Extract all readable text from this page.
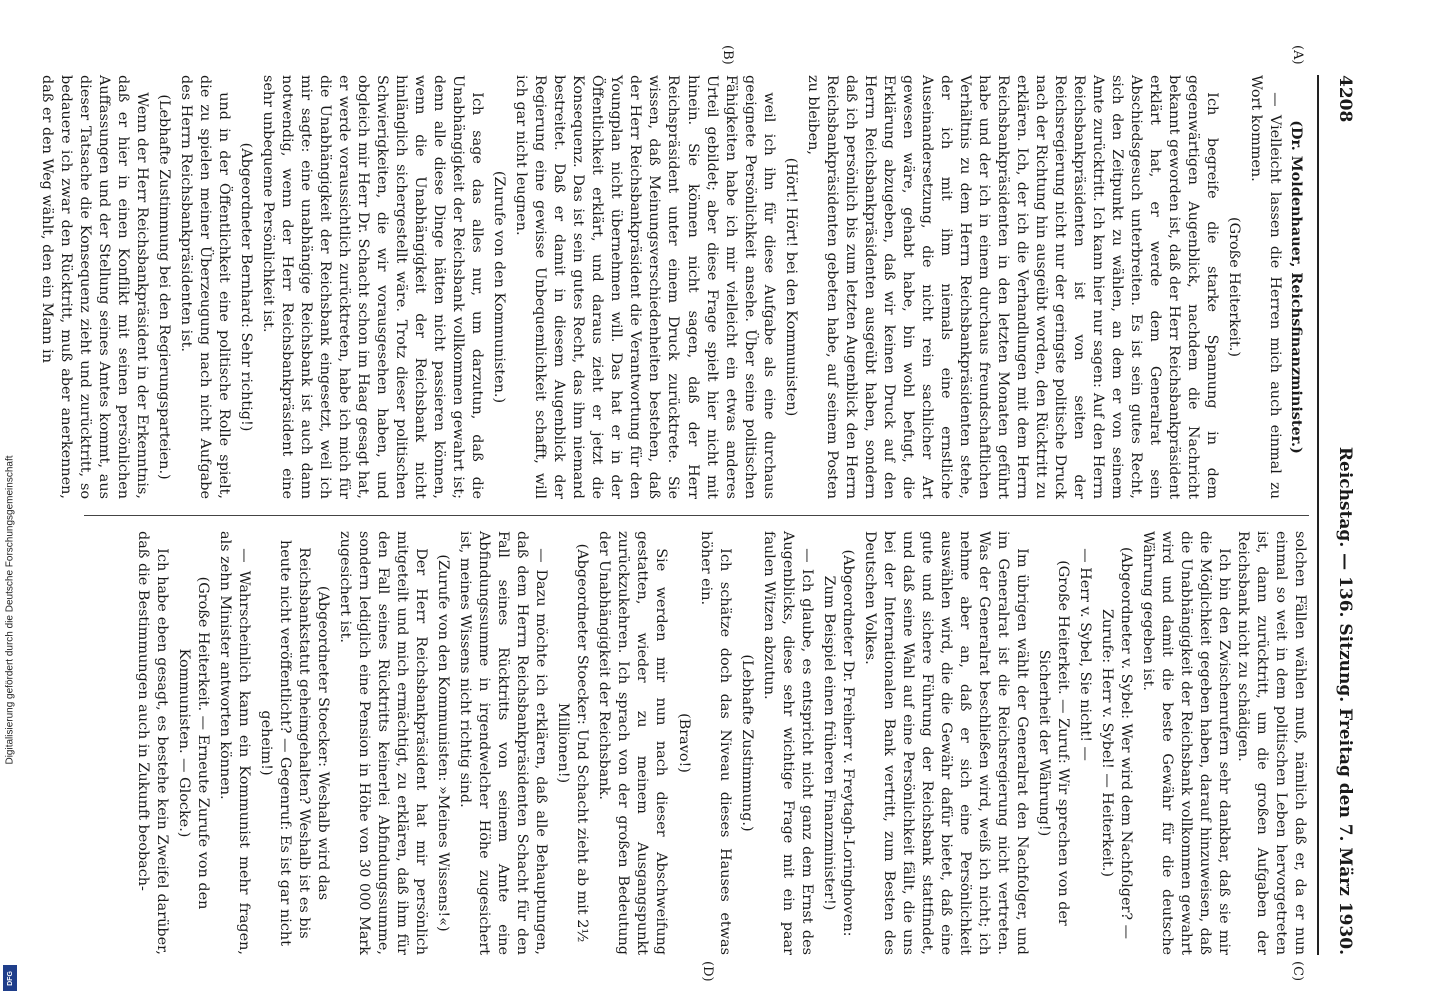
Digitalisierung gefördert durch die Deutsche Forschungsgemeinschaft
DFG
4208
Reichstag. — 136. Sitzung. Freitag den 7. März 1930.
(A)
(B)
(C)
(D)

(Dr. Moldenhauer, Reichsfinanzminister.)

— Vielleicht lassen die Herren mich auch einmal zu Wort kommen.

(Große Heiterkeit.)

Ich begreife die starke Spannung in dem gegenwärtigen Augenblick, nachdem die Nachricht bekannt geworden ist, daß der Herr Reichsbankpräsident erklärt hat, er werde dem Generalrat sein Abschiedsgesuch unterbreiten. Es ist sein gutes Recht, sich den Zeitpunkt zu wählen, an dem er von seinem Amte zurücktritt. Ich kann hier nur sagen: Auf den Herrn Reichsbankpräsidenten ist von seiten der Reichsregierung nicht nur der geringste politische Druck nach der Richtung hin ausgeübt worden, den Rücktritt zu erklären. Ich, der ich die Verhandlungen mit dem Herrn Reichsbankpräsidenten in den letzten Monaten geführt habe und der ich in einem durchaus freundschaftlichen Verhältnis zu dem Herrn Reichsbankpräsidenten stehe, der ich mit ihm niemals eine ernstliche Auseinandersetzung, die nicht rein sachlicher Art gewesen wäre, gehabt habe, bin wohl befugt, die Erklärung abzugeben, daß wir keinen Druck auf den Herrn Reichsbankpräsidenten ausgeübt haben, sondern daß ich persönlich bis zum letzten Augenblick den Herrn Reichsbankpräsidenten gebeten habe, auf seinem Posten zu bleiben,

(Hört! Hört! bei den Kommunisten)

weil ich ihn für diese Aufgabe als eine durchaus geeignete Persönlichkeit ansehe. Über seine politischen Fähigkeiten habe ich mir vielleicht ein etwas anderes Urteil gebildet; aber diese Frage spielt hier nicht mit hinein. Sie können nicht sagen, daß der Herr Reichspräsident unter einem Druck zurücktrete. Sie wissen, daß Meinungsverschiedenheiten bestehen, daß der Herr Reichsbankpräsident die Verantwortung für den Youngplan nicht übernehmen will. Das hat er in der Öffentlichkeit erklärt, und daraus zieht er jetzt die Konsequenz. Das ist sein gutes Recht, das ihm niemand bestreitet. Daß er damit in diesem Augenblick der Regierung eine gewisse Unbequemlichkeit schafft, will ich gar nicht leugnen.

(Zurufe von den Kommunisten.)

Ich sage das alles nur, um darzutun, daß die Unabhängigkeit der Reichsbank vollkommen gewahrt ist; denn alle diese Dinge hätten nicht passieren können, wenn die Unabhängigkeit der Reichsbank nicht hinlänglich sichergestellt wäre. Trotz dieser politischen Schwierigkeiten, die wir vorausgesehen haben, und obgleich mir Herr Dr. Schacht schon im Haag gesagt hat, er werde voraussichtlich zurücktreten, habe ich mich für die Unabhängigkeit der Reichsbank eingesetzt, weil ich mir sagte: eine unabhängige Reichsbank ist auch dann notwendig, wenn der Herr Reichsbankpräsident eine sehr unbequeme Persönlichkeit ist.

(Abgeordneter Bernhard: Sehr richtig!)

und in der Öffentlichkeit eine politische Rolle spielt, die zu spielen meiner Überzeugung nach nicht Aufgabe des Herrn Reichsbankpräsidenten ist.

(Lebhafte Zustimmung bei den Regierungsparteien.)

Wenn der Herr Reichsbankpräsident in der Erkenntnis, daß er hier in einen Konflikt mit seinen persönlichen Auffassungen und der Stellung seines Amtes kommt, aus dieser Tatsache die Konsequenz zieht und zurücktritt, so bedauere ich zwar den Rücktritt, muß aber anerkennen, daß er den Weg wählt, den ein Mann in

solchen Fällen wählen muß, nämlich daß er, da er nun einmal so weit in dem politischen Leben hervorgetreten ist, dann zurücktritt, um die großen Aufgaben der Reichsbank nicht zu schädigen.

Ich bin den Zwischenrufern sehr dankbar, daß sie mir die Möglichkeit gegeben haben, darauf hinzuweisen, daß die Unabhängigkeit der Reichsbank vollkommen gewahrt wird und damit die beste Gewähr für die deutsche Währung gegeben ist.

(Abgeordneter v. Sybel: Wer wird dem Nachfolger? — Zurufe: Herr v. Sybel! — Heiterkeit.)

— Herr v. Sybel, Sie nicht! —

(Große Heiterkeit. — Zuruf: Wir sprechen von der Sicherheit der Währung!)

Im übrigen wählt der Generalrat den Nachfolger, und im Generalrat ist die Reichsregierung nicht vertreten. Was der Generalrat beschließen wird, weiß ich nicht; ich nehme aber an, daß er sich eine Persönlichkeit auswählen wird, die die Gewähr dafür bietet, daß eine gute und sichere Führung der Reichsbank stattfindet, und daß seine Wahl auf eine Persönlichkeit fällt, die uns bei der Internationalen Bank vertritt, zum Besten des Deutschen Volkes.

(Abgeordneter Dr. Freiherr v. Freytagh-Loringhoven: Zum Beispiel einen früheren Finanzminister!)

— Ich glaube, es entspricht nicht ganz dem Ernst des Augenblicks, diese sehr wichtige Frage mit ein paar faulen Witzen abzutun.

(Lebhafte Zustimmung.)

Ich schätze doch das Niveau dieses Hauses etwas höher ein.

(Bravo!)

Sie werden mir nun nach dieser Abschweifung gestatten, wieder zu meinem Ausgangspunkt zurückzukehren. Ich sprach von der großen Bedeutung der Unabhängigkeit der Reichsbank.

(Abgeordneter Stoecker: Und Schacht zieht ab mit 2½ Millionen!)

— Dazu möchte ich erklären, daß alle Behauptungen, daß dem Herrn Reichsbankpräsidenten Schacht für den Fall seines Rücktritts von seinem Amte eine Abfindungssumme in irgendwelcher Höhe zugesichert ist, meines Wissens nicht richtig sind.

(Zurufe von den Kommunisten: »Meines Wissens!«)

Der Herr Reichsbankpräsident hat mir persönlich mitgeteilt und mich ermächtigt, zu erklären, daß ihm für den Fall seines Rücktritts keinerlei Abfindungssumme, sondern lediglich eine Pension in Höhe von 30 000 Mark zugesichert ist.

(Abgeordneter Stoecker: Weshalb wird das Reichsbankstatut geheimgehalten? Weshalb ist es bis heute nicht veröffentlicht? — Gegenruf: Es ist gar nicht geheim!)

— Wahrscheinlich kann ein Kommunist mehr fragen, als zehn Minister antworten können.

(Große Heiterkeit. — Erneute Zurufe von den Kommunisten. — Glocke.)

Ich habe eben gesagt, es bestehe kein Zweifel darüber, daß die Bestimmungen auch in Zukunft beobach-
